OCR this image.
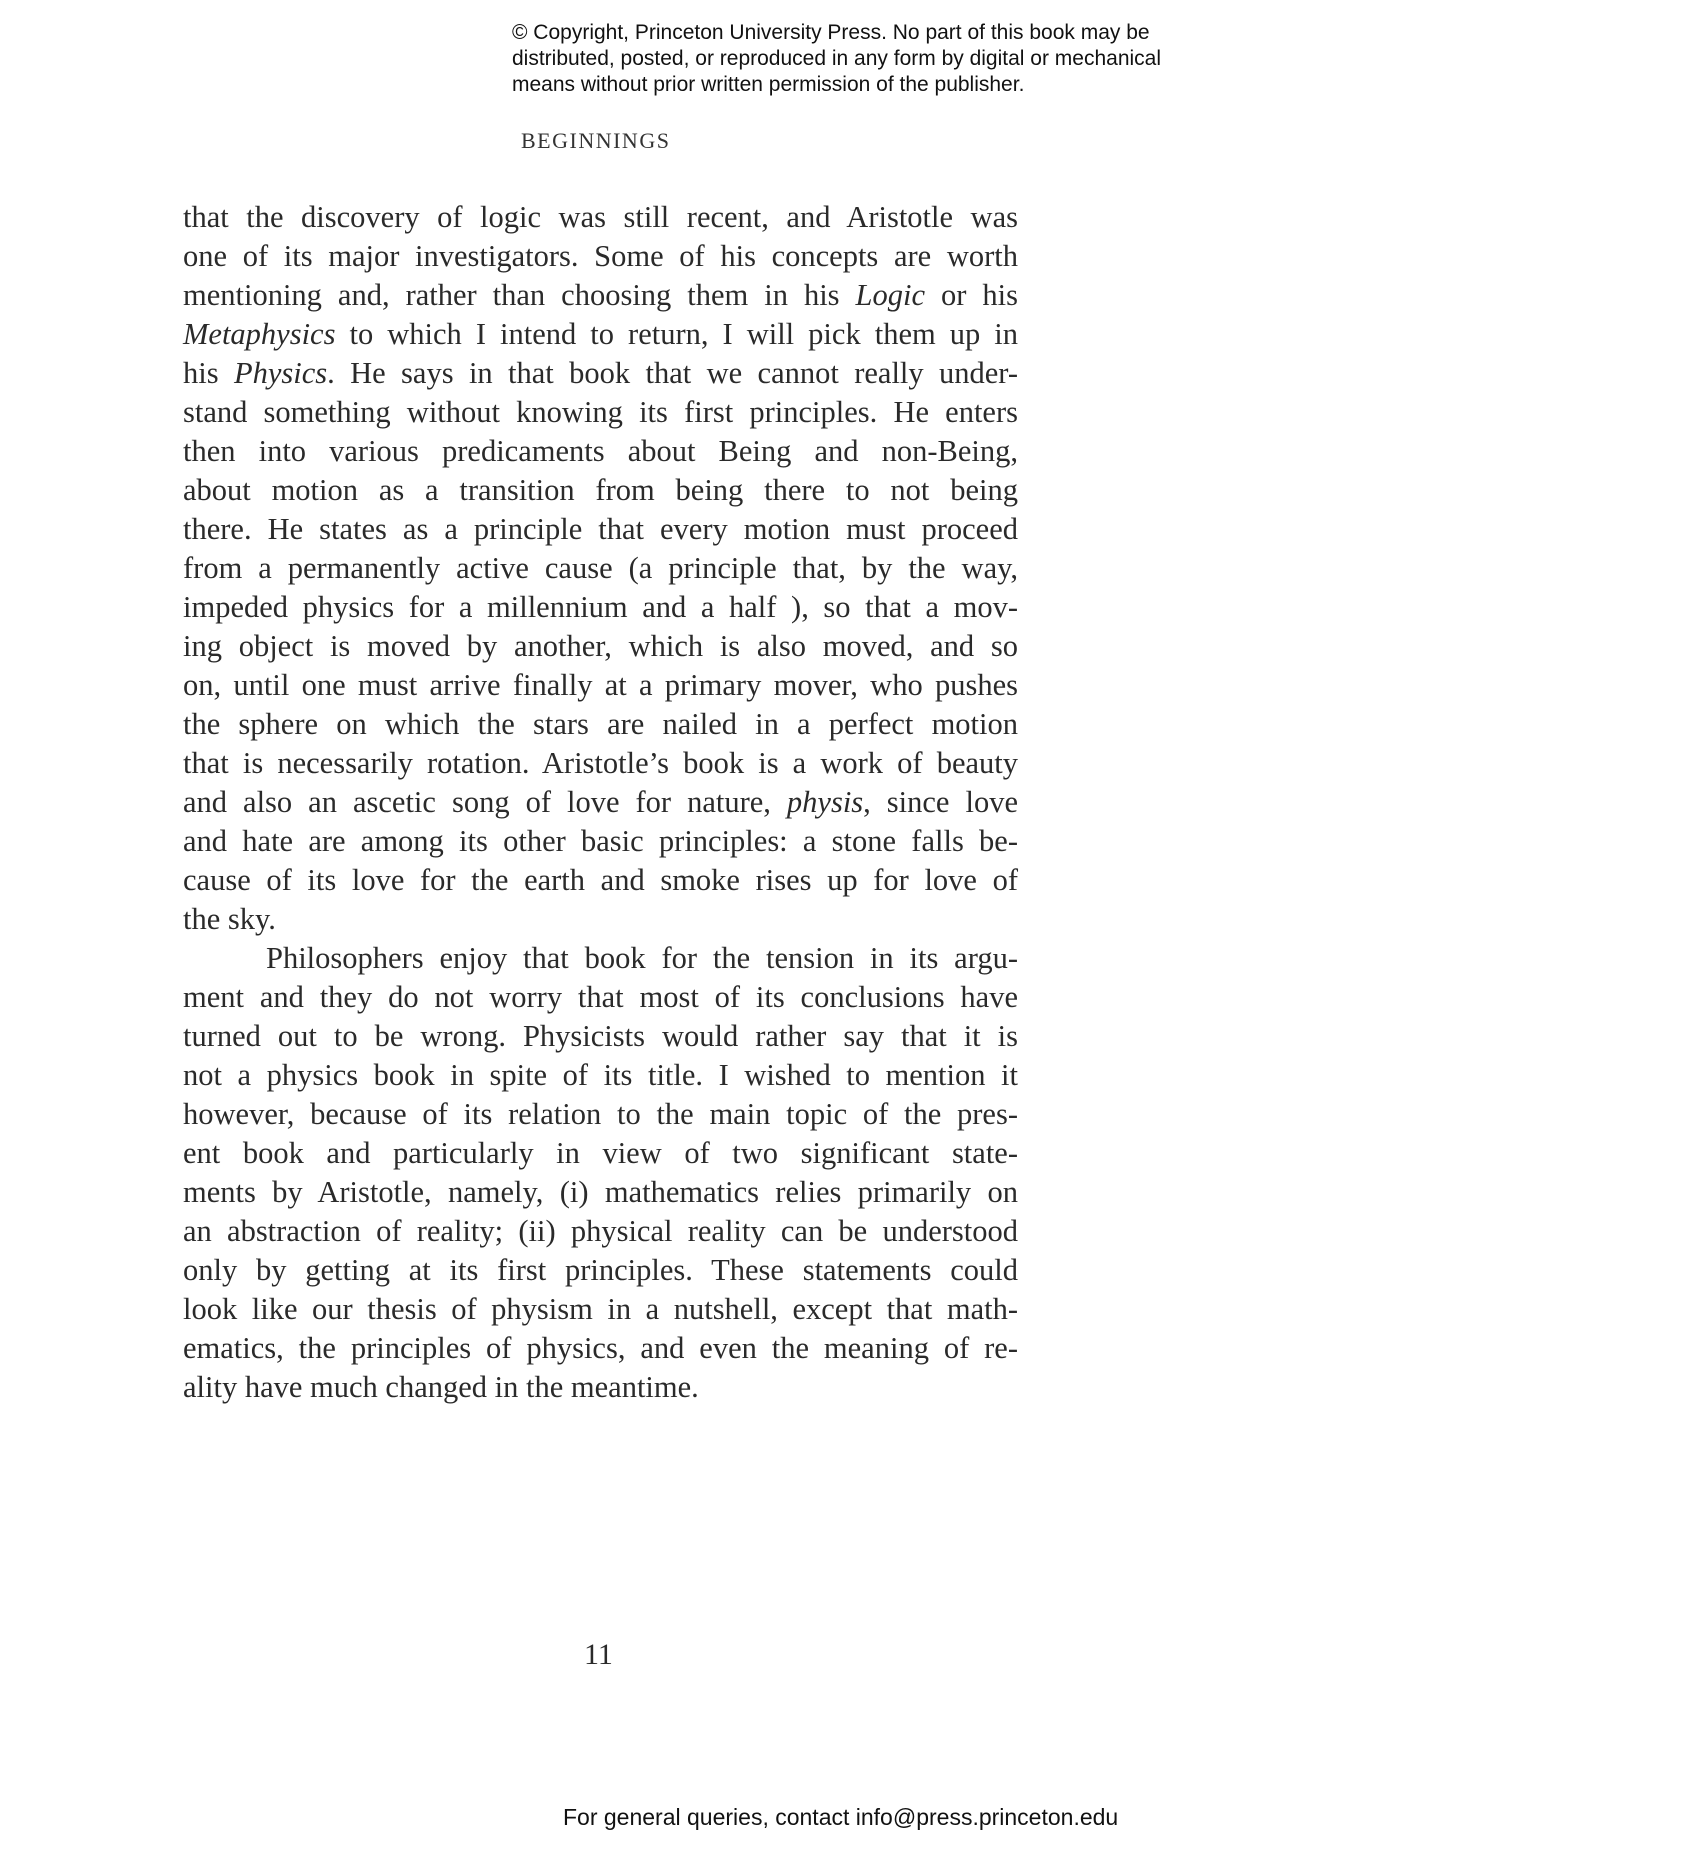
© Copyright, Princeton University Press. No part of this book may be
distributed, posted, or reproduced in any form by digital or mechanical
means without prior written permission of the publisher.
BEGINNINGS
that the discovery of logic was still recent, and Aristotle was
one of its major investigators. Some of his concepts are worth
mentioning and, rather than choosing them in his Logic or his
Metaphysics to which I intend to return, I will pick them up in
his Physics. He says in that book that we cannot really under-
stand something without knowing its first principles. He enters
then into various predicaments about Being and non-Being,
about motion as a transition from being there to not being
there. He states as a principle that every motion must proceed
from a permanently active cause (a principle that, by the way,
impeded physics for a millennium and a half ), so that a mov-
ing object is moved by another, which is also moved, and so
on, until one must arrive finally at a primary mover, who pushes
the sphere on which the stars are nailed in a perfect motion
that is necessarily rotation. Aristotle’s book is a work of beauty
and also an ascetic song of love for nature, physis, since love
and hate are among its other basic principles: a stone falls be-
cause of its love for the earth and smoke rises up for love of
the sky.
Philosophers enjoy that book for the tension in its argu-
ment and they do not worry that most of its conclusions have
turned out to be wrong. Physicists would rather say that it is
not a physics book in spite of its title. I wished to mention it
however, because of its relation to the main topic of the pres-
ent book and particularly in view of two significant state-
ments by Aristotle, namely, (i) mathematics relies primarily on
an abstraction of reality; (ii) physical reality can be understood
only by getting at its first principles. These statements could
look like our thesis of physism in a nutshell, except that math-
ematics, the principles of physics, and even the meaning of re-
ality have much changed in the meantime.
11
For general queries, contact info@press.princeton.edu
